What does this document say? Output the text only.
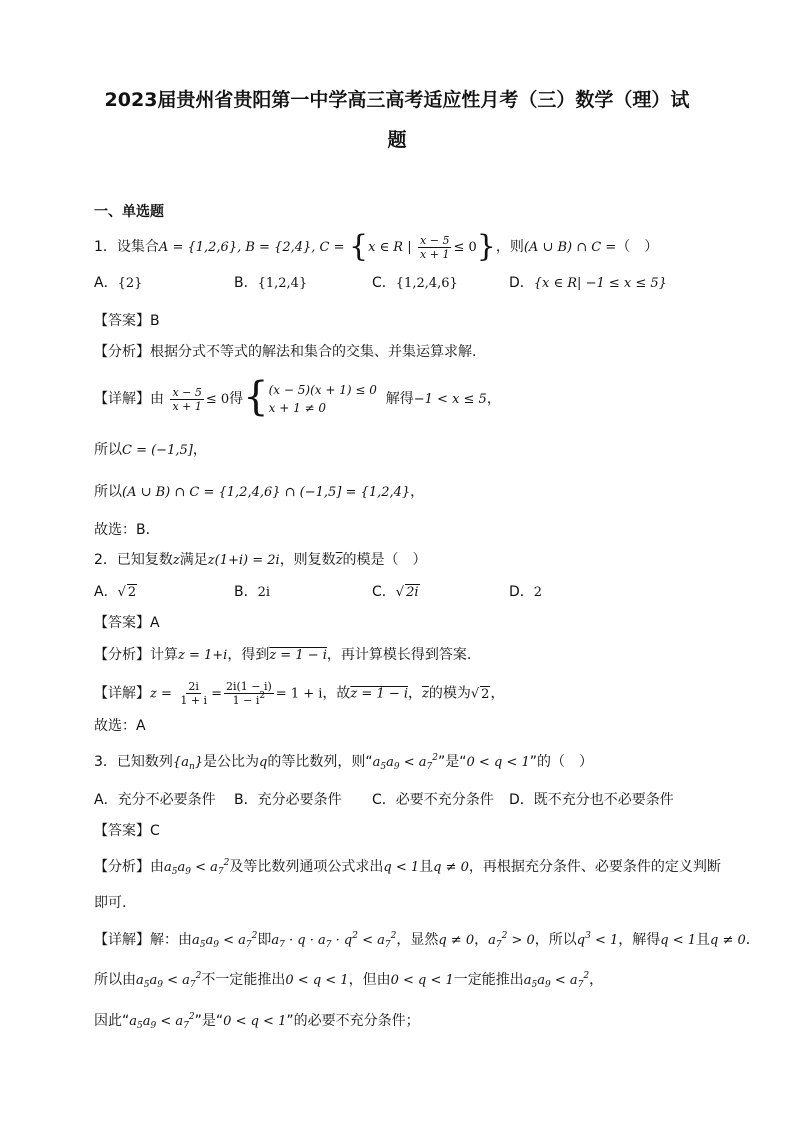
2023届贵州省贵阳第一中学高三高考适应性月考（三）数学（理）试
题
一、单选题
1．设集合A = {1,2,6}, B = {2,4}, C = {x ∈ R | $\frac{x - 5}{x + 1} \le 0$}，则(A ∪ B) ∩ C =（　）
A．{2}	B．{1,2,4}	C．{1,2,4,6}	D．{x ∈ R| −1 ≤ x ≤ 5}
【答案】B
【分析】根据分式不等式的解法和集合的交集、并集运算求解.
【详解】由 $\frac{x - 5}{x + 1} \le 0$得{ (x − 5)(x + 1) ≤ 0
x + 1 ≠ 0
解得−1 < x ≤ 5，
所以C = (−1,5]，
所以(A ∪ B) ∩ C = {1,2,4,6} ∩ (−1,5] = {1,2,4}，
故选：B．
2．已知复数z满足z(1+i) = 2i，则复数$\overline{z}$的模是（　）
A．√ 2	B．2i	C．√ 2i	D．2
【答案】A
【分析】计算z = 1+i，得到z = 1 − i，再计算模长得到答案.
【详解】$z = \frac{2i}{1 + i} = \frac{2i(1 - i)}{1 - i^2} = 1 + i$，故z = 1 − i，$\overline{z}$的模为√ 2，
故选：A
3．已知数列$\{a_n\}$是公比为q的等比数列，则“$a_5a_9 < a_7^2$”是“0 < q < 1”的（　）
A．充分不必要条件 B．充分必要条件 C．必要不充分条件 D．既不充分也不必要条件
【答案】C
【分析】由$a_5a_9 < a_7^2$及等比数列通项公式求出q < 1且q ≠ 0，再根据充分条件、必要条件的定义判断
即可.
【详解】解：由$a_5a_9 < a_7^2$即$a_7 \cdot q \cdot a_7 \cdot q^2 < a_7^2$，显然q ≠ 0，$a_7^2 > 0$，所以$q^3 < 1$，解得q < 1且q ≠ 0．
所以由$a_5a_9 < a_7^2$不一定能推出0 < q < 1，但由0 < q < 1一定能推出$a_5a_9 < a_7^2$，
因此“$a_5a_9 < a_7^2$”是“0 < q < 1”的必要不充分条件；
